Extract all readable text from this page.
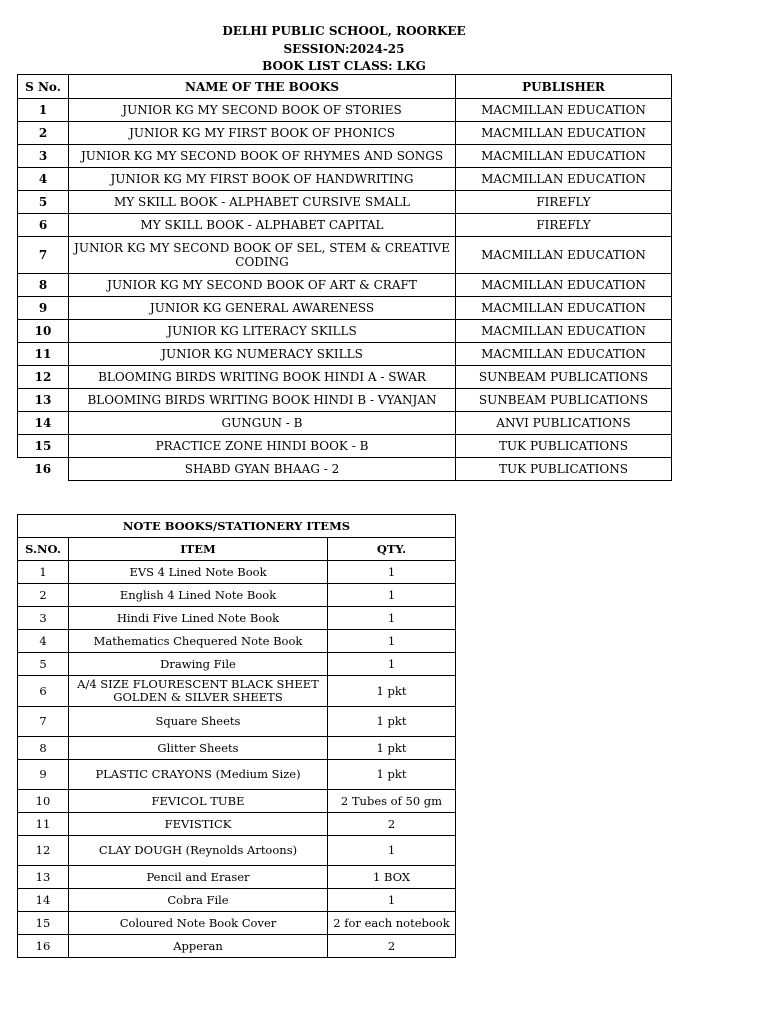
DELHI PUBLIC SCHOOL, ROORKEE
SESSION:2024-25
BOOK LIST CLASS: LKG
S No.	NAME OF THE BOOKS	PUBLISHER
1	JUNIOR KG MY SECOND BOOK OF STORIES	MACMILLAN EDUCATION
2	JUNIOR KG MY FIRST BOOK OF PHONICS	MACMILLAN EDUCATION
3	JUNIOR KG MY SECOND BOOK OF RHYMES AND SONGS	MACMILLAN EDUCATION
4	JUNIOR KG MY FIRST BOOK OF HANDWRITING	MACMILLAN EDUCATION
5	MY SKILL BOOK - ALPHABET CURSIVE SMALL	FIREFLY
6	MY SKILL BOOK - ALPHABET CAPITAL	FIREFLY
7	JUNIOR KG MY SECOND BOOK OF SEL, STEM & CREATIVE CODING	MACMILLAN EDUCATION
8	JUNIOR KG MY SECOND BOOK OF ART & CRAFT	MACMILLAN EDUCATION
9	JUNIOR KG GENERAL AWARENESS	MACMILLAN EDUCATION
10	JUNIOR KG LITERACY SKILLS	MACMILLAN EDUCATION
11	JUNIOR KG NUMERACY SKILLS	MACMILLAN EDUCATION
12	BLOOMING BIRDS WRITING BOOK HINDI A - SWAR	SUNBEAM PUBLICATIONS
13	BLOOMING BIRDS WRITING BOOK HINDI B - VYANJAN	SUNBEAM PUBLICATIONS
14	GUNGUN - B	ANVI PUBLICATIONS
15	PRACTICE ZONE HINDI BOOK - B	TUK PUBLICATIONS
16	SHABD GYAN BHAAG - 2	TUK PUBLICATIONS
NOTE BOOKS/STATIONERY ITEMS		
S.NO.	ITEM	QTY.
1	EVS 4 Lined Note Book	1
2	English 4 Lined Note Book	1
3	Hindi Five Lined Note Book	1
4	Mathematics Chequered Note Book	1
5	Drawing File	1
6	A/4 SIZE FLOURESCENT BLACK SHEET GOLDEN & SILVER SHEETS	1 pkt
7	Square Sheets	1 pkt
8	Glitter Sheets	1 pkt
9	PLASTIC CRAYONS (Medium Size)	1 pkt
10	FEVICOL TUBE	2 Tubes of 50 gm
11	FEVISTICK	2
12	CLAY DOUGH (Reynolds Artoons)	1
13	Pencil and Eraser	1 BOX
14	Cobra File	1
15	Coloured Note Book Cover	2 for each notebook
16	Apperan	2
